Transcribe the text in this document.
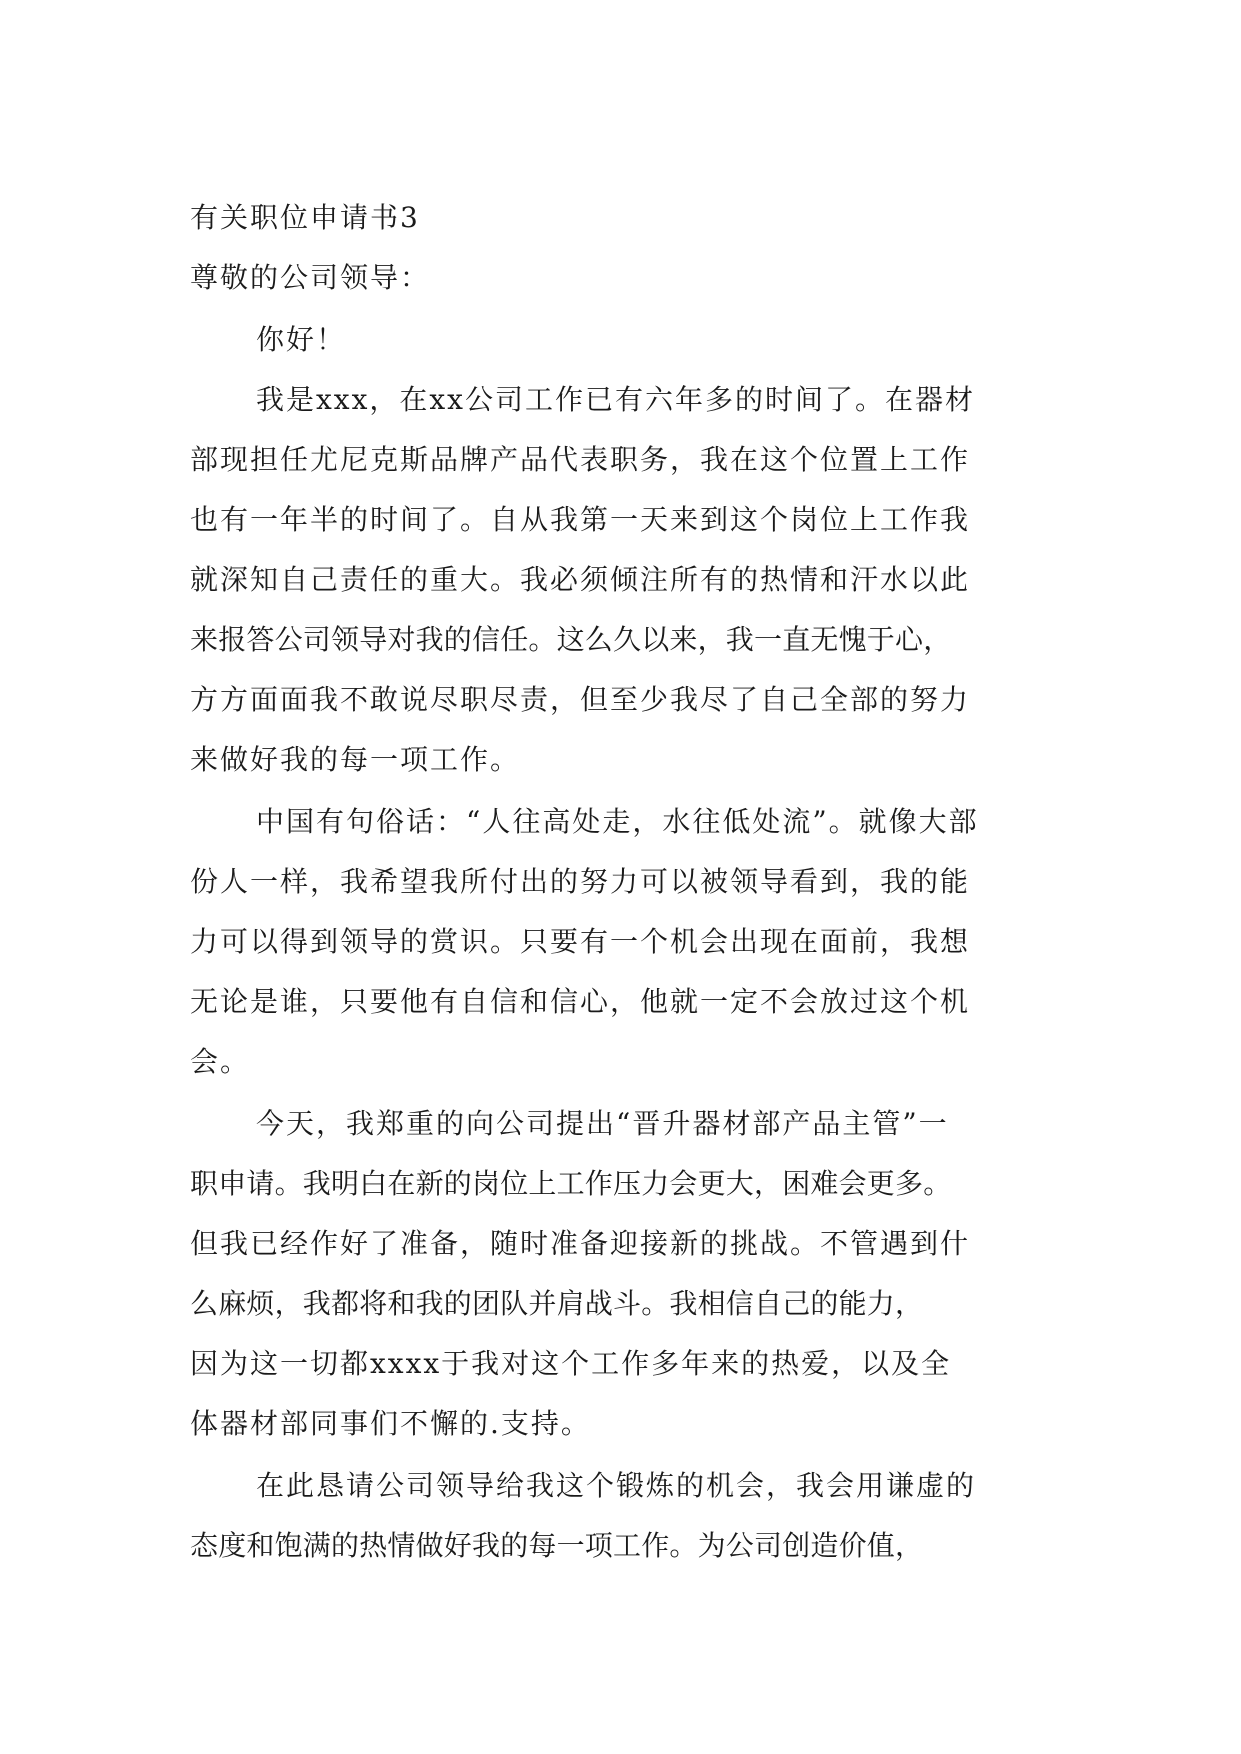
有关职位申请书3
尊敬的公司领导：
你好！
我是xxx，在xx公司工作已有六年多的时间了。在器材
部现担任尤尼克斯品牌产品代表职务，我在这个位置上工作
也有一年半的时间了。自从我第一天来到这个岗位上工作我
就深知自己责任的重大。我必须倾注所有的热情和汗水以此
来报答公司领导对我的信任。这么久以来，我一直无愧于心，
方方面面我不敢说尽职尽责，但至少我尽了自己全部的努力
来做好我的每一项工作。
中国有句俗话：“人往高处走，水往低处流”。就像大部
份人一样，我希望我所付出的努力可以被领导看到，我的能
力可以得到领导的赏识。只要有一个机会出现在面前，我想
无论是谁，只要他有自信和信心，他就一定不会放过这个机
会。
今天，我郑重的向公司提出“晋升器材部产品主管”一
职申请。我明白在新的岗位上工作压力会更大，困难会更多。
但我已经作好了准备，随时准备迎接新的挑战。不管遇到什
么麻烦，我都将和我的团队并肩战斗。我相信自己的能力，
因为这一切都xxxx于我对这个工作多年来的热爱，以及全
体器材部同事们不懈的.支持。
在此恳请公司领导给我这个锻炼的机会，我会用谦虚的
态度和饱满的热情做好我的每一项工作。为公司创造价值，
